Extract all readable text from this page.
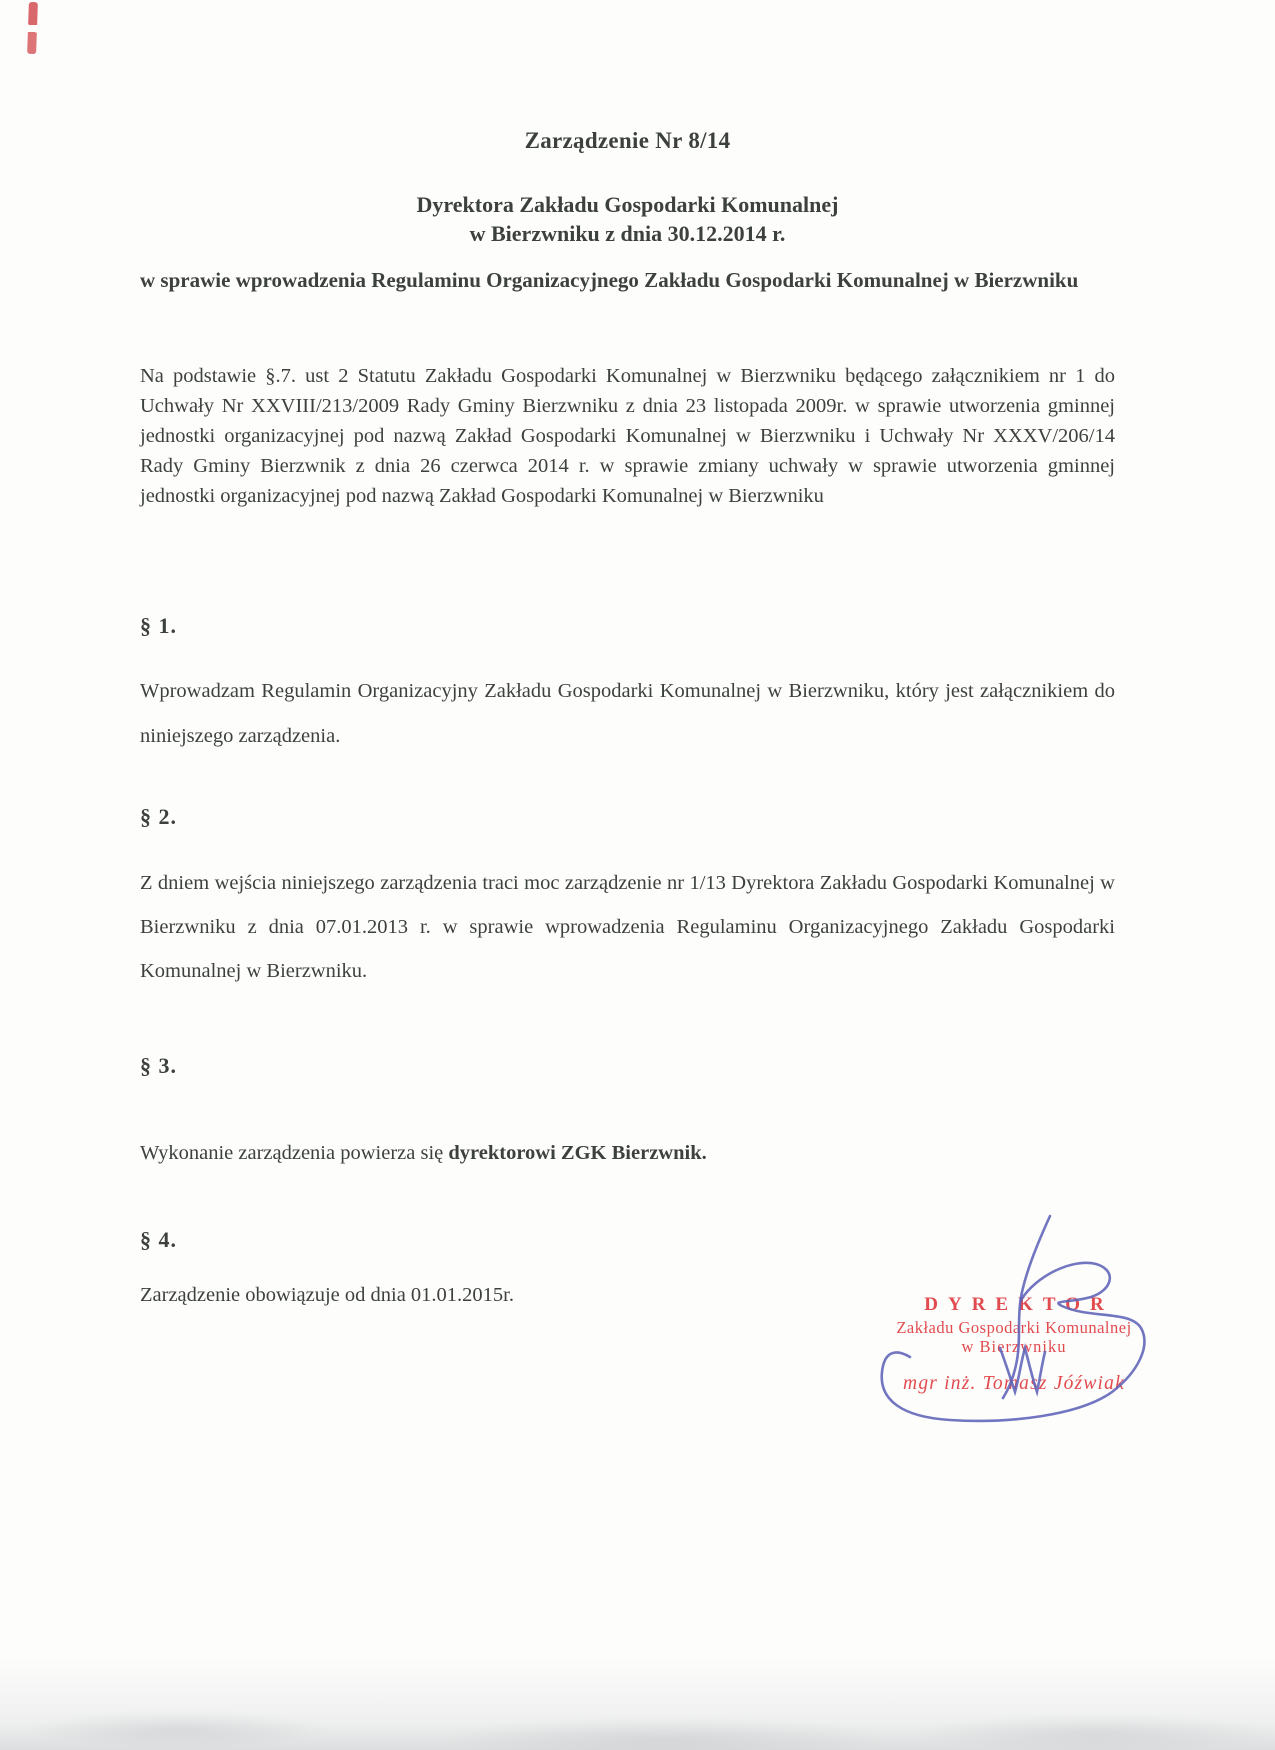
Zarządzenie Nr 8/14
Dyrektora Zakładu Gospodarki Komunalnej
w Bierzwniku z dnia 30.12.2014 r.

w sprawie wprowadzenia Regulaminu Organizacyjnego Zakładu Gospodarki Komunalnej w Bierzwniku

Na podstawie §.7. ust 2 Statutu Zakładu Gospodarki Komunalnej w Bierzwniku będącego załącznikiem nr 1 do Uchwały Nr XXVIII/213/2009 Rady Gminy Bierzwniku z dnia 23 listopada 2009r. w sprawie utworzenia gminnej jednostki organizacyjnej pod nazwą Zakład Gospodarki Komunalnej w Bierzwniku i Uchwały Nr XXXV/206/14 Rady Gminy Bierzwnik z dnia 26 czerwca 2014 r. w sprawie zmiany uchwały w sprawie utworzenia gminnej jednostki organizacyjnej pod nazwą Zakład Gospodarki Komunalnej w Bierzwniku

§ 1.

Wprowadzam Regulamin Organizacyjny Zakładu Gospodarki Komunalnej w Bierzwniku, który jest załącznikiem do niniejszego zarządzenia.

§ 2.

Z dniem wejścia niniejszego zarządzenia traci moc zarządzenie nr 1/13 Dyrektora Zakładu Gospodarki Komunalnej w Bierzwniku z dnia 07.01.2013 r. w sprawie wprowadzenia Regulaminu Organizacyjnego Zakładu Gospodarki Komunalnej w Bierzwniku.

§ 3.

Wykonanie zarządzenia powierza się dyrektorowi ZGK Bierzwnik.

§ 4.

Zarządzenie obowiązuje od dnia 01.01.2015r.	DYREKTOR
Zakładu Gospodarki Komunalnej
w Bierzwniku
mgr inż. Tomasz Jóźwiak
